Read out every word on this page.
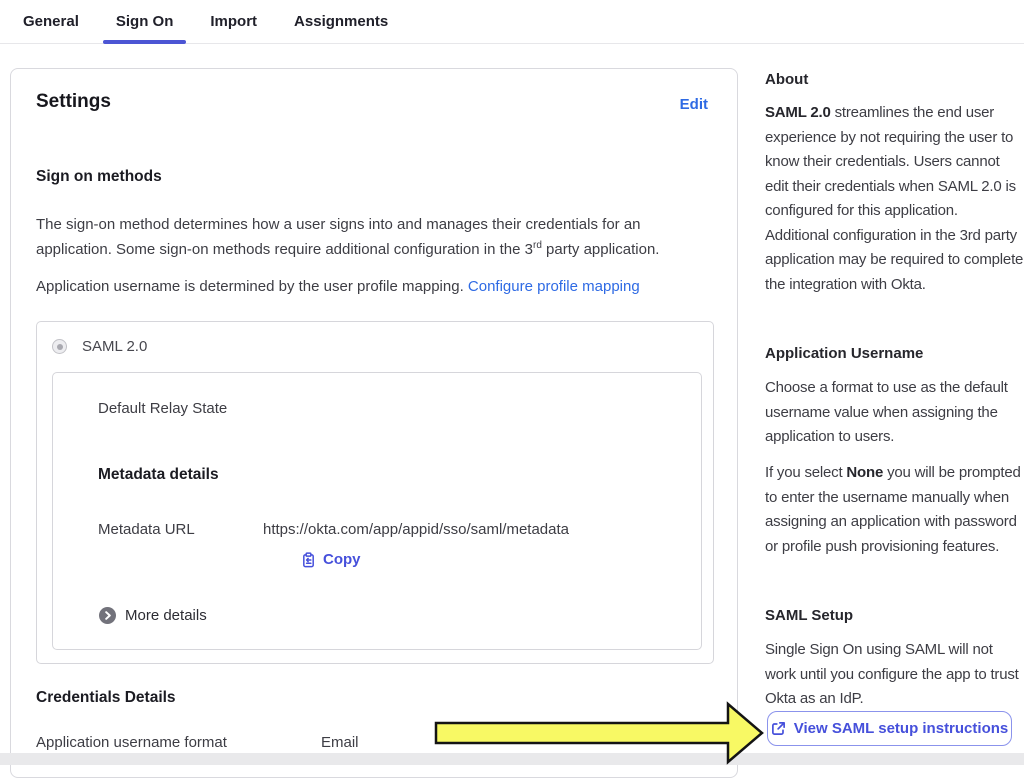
General Sign On Import Assignments
Settings	Edit
Sign on methods

The sign-on method determines how a user signs into and manages their credentials for an application. Some sign-on methods require additional configuration in the 3rd party application.

Application username is determined by the user profile mapping. Configure profile mapping

SAML 2.0
Default Relay State
Metadata details
Metadata URL	https://okta.com/app/appid/sso/saml/metadata
Copy
More details
Credentials Details
Application username format	Email
About

SAML 2.0 streamlines the end user experience by not requiring the user to know their credentials. Users cannot edit their credentials when SAML 2.0 is configured for this application. Additional configuration in the 3rd party application may be required to complete the integration with Okta.

Application Username

Choose a format to use as the default username value when assigning the application to users.

If you select None you will be prompted to enter the username manually when assigning an application with password or profile push provisioning features.

SAML Setup

Single Sign On using SAML will not work until you configure the app to trust Okta as an IdP.

View SAML setup instructions
